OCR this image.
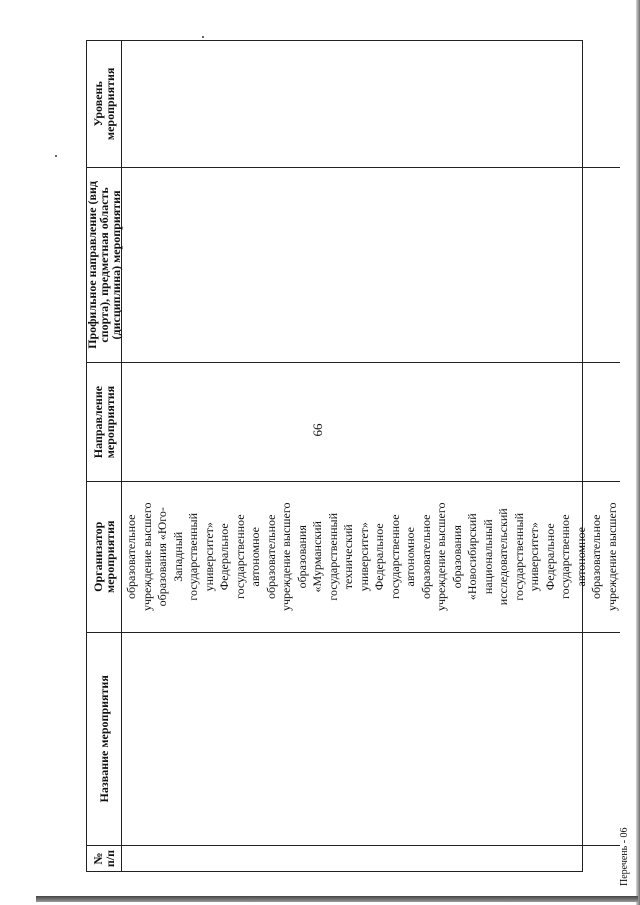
66
№ п/п
Название мероприятия
Организатор мероприятия
Направление мероприятия
Профильное направление (вид спорта), предметная область (дисциплина) мероприятия
Уровень мероприятия
образовательное учреждение высшего образования «Юго- Западный государственный университет» Федеральное государственное автономное образовательное учреждение высшего образования «Мурманский государственный технический университет» Федеральное государственное автономное образовательное учреждение высшего образования «Новосибирский национальный исследовательский государственный университет» Федеральное государственное автономное образовательное учреждение высшего
Перечень - 06
